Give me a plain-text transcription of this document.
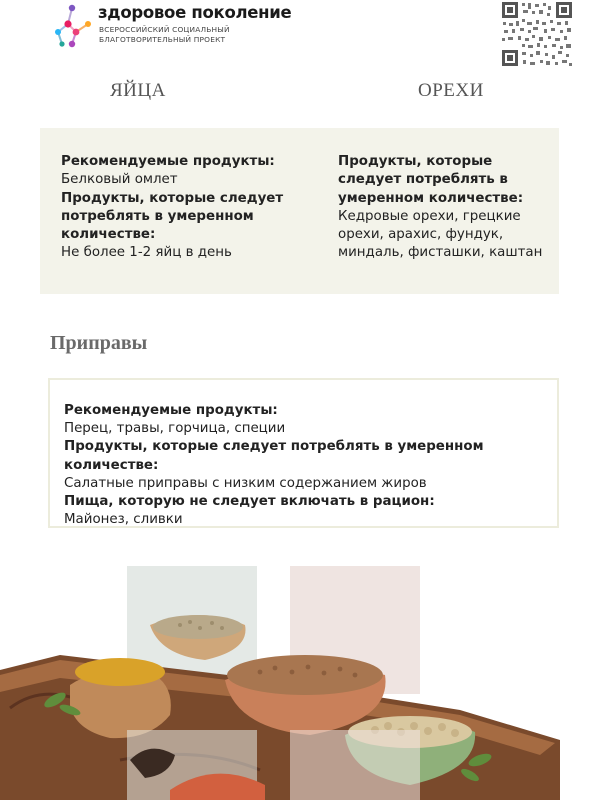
здоровое поколение
ВСЕРОССИЙСКИЙ СОЦИАЛЬНЫЙ
БЛАГОТВОРИТЕЛЬНЫЙ ПРОЕКТ
ЯЙЦА	ОРЕХИ
Рекомендуемые продукты:
Белковый омлет
Продукты, которые следует потреблять в умеренном количестве:
Не более 1-2 яйц в день
Продукты, которые следует потреблять в умеренном количестве:
Кедровые орехи, грецкие орехи, арахис, фундук, миндаль, фисташки, каштан
Приправы
Рекомендуемые продукты:
Перец, травы, горчица, специи
Продукты, которые следует потреблять в умеренном количестве:
Салатные приправы с низким содержанием жиров
Пища, которую не следует включать в рацион:
Майонез, сливки
